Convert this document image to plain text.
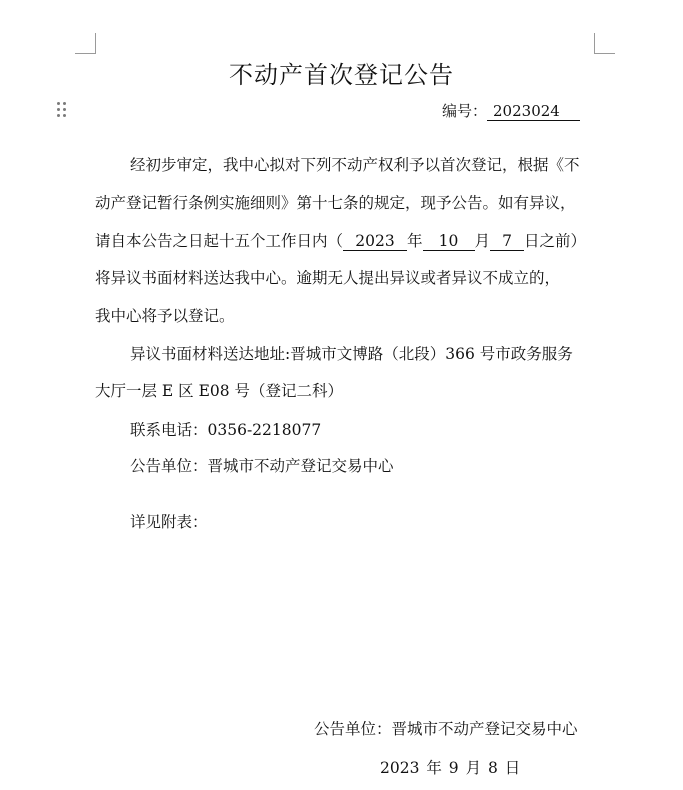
不动产首次登记公告
编号： 2023024
经初步审定，我中心拟对下列不动产权利予以首次登记，根据《不
动产登记暂行条例实施细则》第十七条的规定，现予公告。如有异议，
请自本公告之日起十五个工作日内（ 2023 年 10 月 7 日之前）
将异议书面材料送达我中心。逾期无人提出异议或者异议不成立的，
我中心将予以登记。
异议书面材料送达地址:晋城市文博路（北段）366 号市政务服务
大厅一层 E 区 E08 号（登记二科）
联系电话：0356-2218077
公告单位：晋城市不动产登记交易中心
详见附表：
公告单位：晋城市不动产登记交易中心
2023 年 9 月 8 日
